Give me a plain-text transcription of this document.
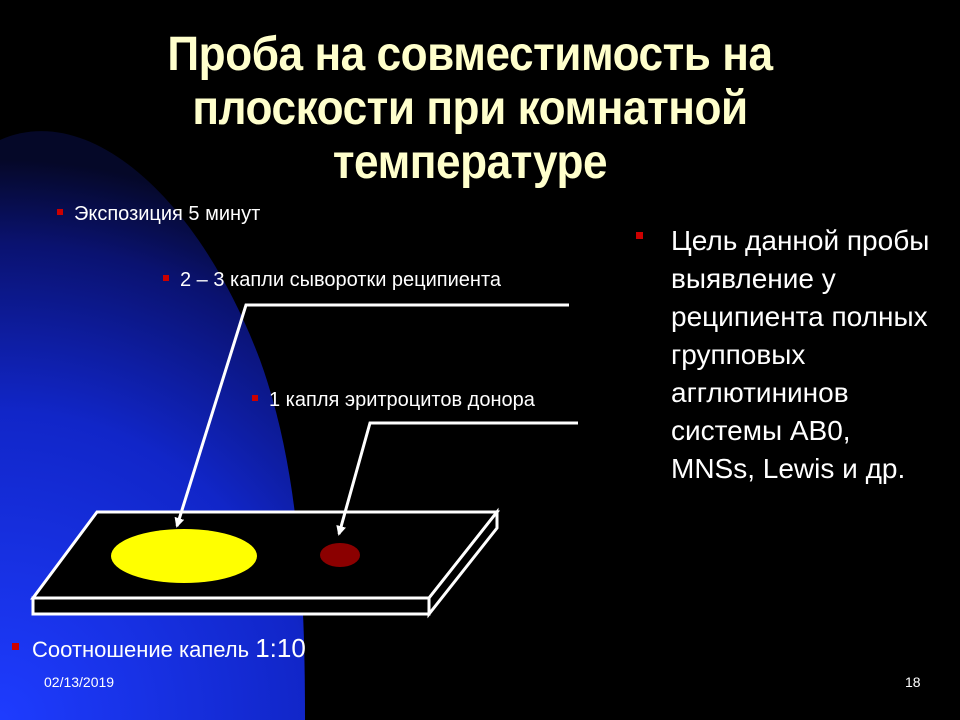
Проба на совместимость на
плоскости при комнатной
температуре
Экспозиция 5 минут
2 – 3 капли сыворотки реципиента
1 капля эритроцитов донора
Цель данной пробы выявление у реципиента полных групповых агглютининов системы АВ0, MNSs, Lewis и др.
Соотношение капель 1:10
02/13/2019	18
